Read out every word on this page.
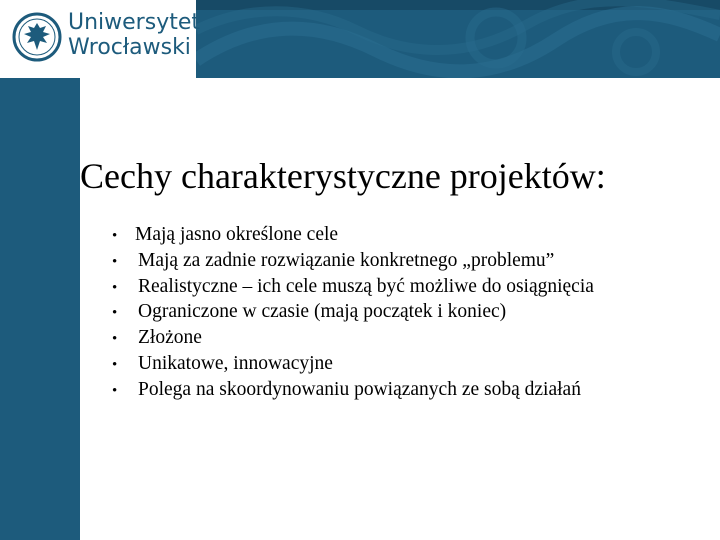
Uniwersytet
Wrocławski
Cechy charakterystyczne projektów:
• Mają jasno określone cele
• Mają za zadnie rozwiązanie konkretnego „problemu”
• Realistyczne – ich cele muszą być możliwe do osiągnięcia
• Ograniczone w czasie (mają początek i koniec)
• Złożone
• Unikatowe, innowacyjne
• Polega na skoordynowaniu powiązanych ze sobą działań
